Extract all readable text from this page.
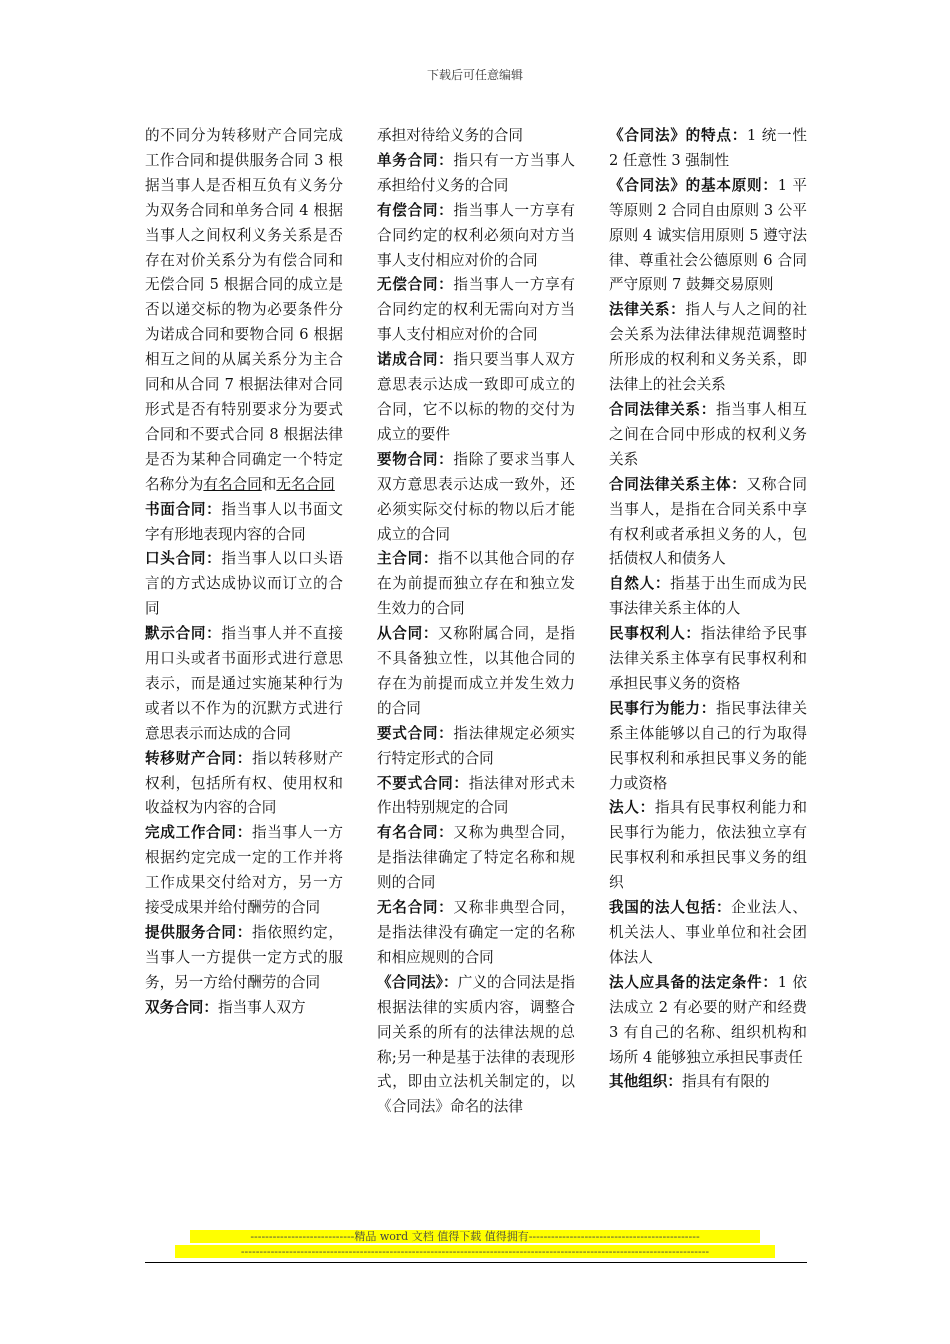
下载后可任意编辑

的不同分为转移财产合同完成工作合同和提供服务合同 3 根据当事人是否相互负有义务分为双务合同和单务合同 4 根据当事人之间权利义务关系是否存在对价关系分为有偿合同和无偿合同 5 根据合同的成立是否以递交标的物为必要条件分为诺成合同和要物合同 6 根据相互之间的从属关系分为主合同和从合同 7 根据法律对合同形式是否有特别要求分为要式合同和不要式合同 8 根据法律是否为某种合同确定一个特定名称分为有名合同和无名合同

书面合同：指当事人以书面文字有形地表现内容的合同

口头合同：指当事人以口头语言的方式达成协议而订立的合同

默示合同：指当事人并不直接用口头或者书面形式进行意思表示，而是通过实施某种行为或者以不作为的沉默方式进行意思表示而达成的合同

转移财产合同：指以转移财产权利，包括所有权、使用权和收益权为内容的合同

完成工作合同：指当事人一方根据约定完成一定的工作并将工作成果交付给对方，另一方接受成果并给付酬劳的合同

提供服务合同：指依照约定，当事人一方提供一定方式的服务，另一方给付酬劳的合同

双务合同：指当事人双方

承担对待给义务的合同

单务合同：指只有一方当事人承担给付义务的合同

有偿合同：指当事人一方享有合同约定的权利必须向对方当事人支付相应对价的合同

无偿合同：指当事人一方享有合同约定的权利无需向对方当事人支付相应对价的合同

诺成合同：指只要当事人双方意思表示达成一致即可成立的合同，它不以标的物的交付为成立的要件

要物合同：指除了要求当事人双方意思表示达成一致外，还必须实际交付标的物以后才能成立的合同

主合同：指不以其他合同的存在为前提而独立存在和独立发生效力的合同

从合同：又称附属合同，是指不具备独立性，以其他合同的存在为前提而成立并发生效力的合同

要式合同：指法律规定必须实行特定形式的合同

不要式合同：指法律对形式未作出特别规定的合同

有名合同：又称为典型合同，是指法律确定了特定名称和规则的合同

无名合同：又称非典型合同，是指法律没有确定一定的名称和相应规则的合同

《合同法》：广义的合同法是指根据法律的实质内容，调整合同关系的所有的法律法规的总称;另一种是基于法律的表现形式，即由立法机关制定的，以《合同法》命名的法律

《合同法》的特点：1 统一性 2 任意性 3 强制性

《合同法》的基本原则：1 平等原则 2 合同自由原则 3 公平原则 4 诚实信用原则 5 遵守法律、尊重社会公德原则 6 合同严守原则 7 鼓舞交易原则

法律关系：指人与人之间的社会关系为法律法律规范调整时所形成的权利和义务关系，即法律上的社会关系

合同法律关系：指当事人相互之间在合同中形成的权利义务关系

合同法律关系主体：又称合同当事人，是指在合同关系中享有权利或者承担义务的人，包括债权人和债务人

自然人：指基于出生而成为民事法律关系主体的人

民事权利人：指法律给予民事法律关系主体享有民事权利和承担民事义务的资格

民事行为能力：指民事法律关系主体能够以自己的行为取得民事权利和承担民事义务的能力或资格

法人：指具有民事权利能力和民事行为能力，依法独立享有民事权利和承担民事义务的组织

我国的法人包括：企业法人、机关法人、事业单位和社会团体法人

法人应具备的法定条件：1 依法成立 2 有必要的财产和经费 3 有自己的名称、组织机构和场所 4 能够独立承担民事责任

其他组织：指具有有限的

----------------------------精品 word 文档 值得下载 值得拥有----------------------------------------------
------------------------------------------------------------------------------------------------------------------------------
